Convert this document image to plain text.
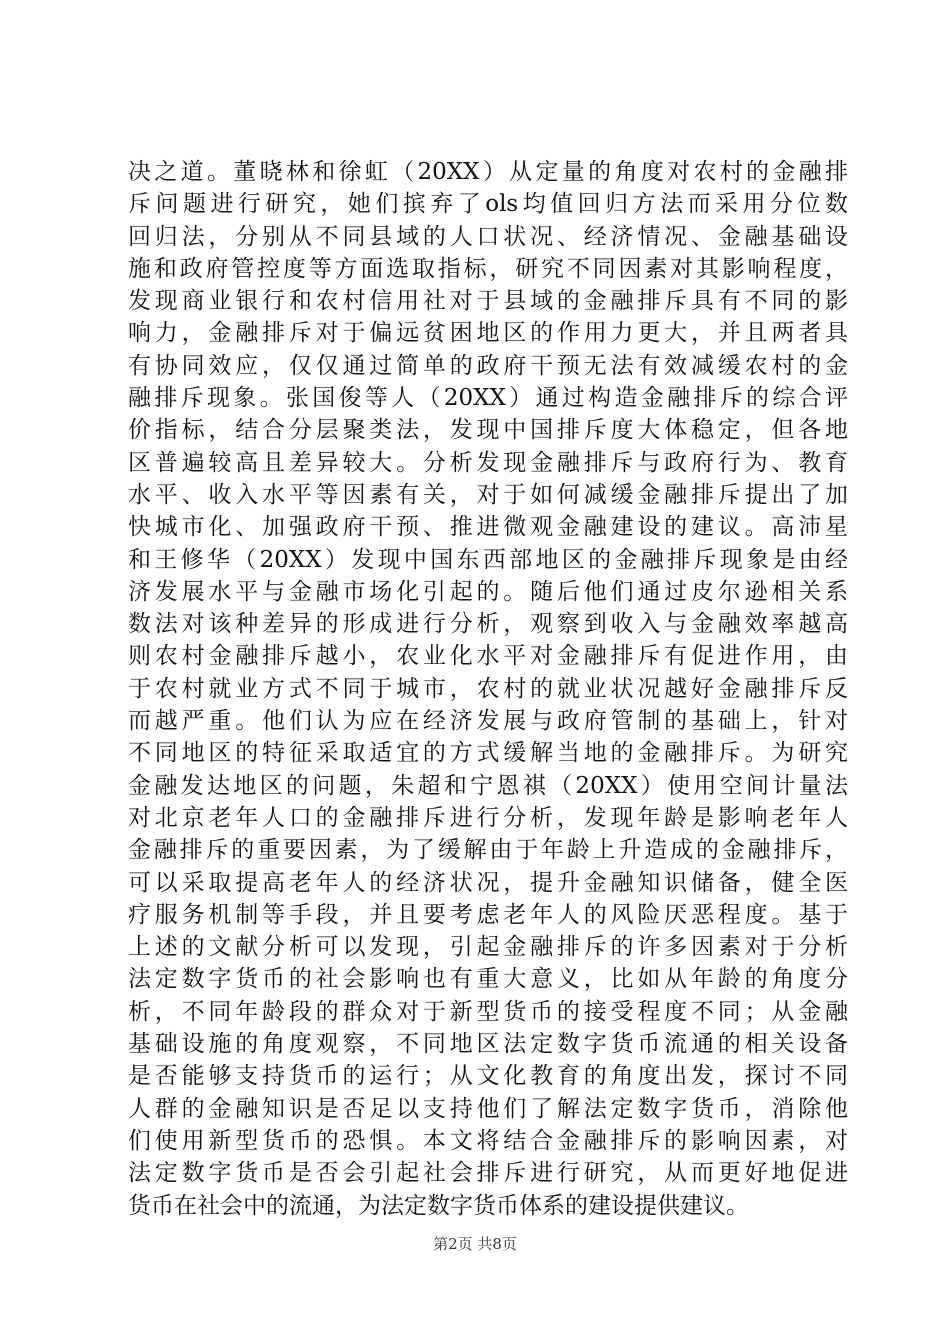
决之道。董晓林和徐虹（20XX）从定量的角度对农村的金融排
斥问题进行研究，她们摈弃了ols均值回归方法而采用分位数
回归法，分别从不同县域的人口状况、经济情况、金融基础设
施和政府管控度等方面选取指标，研究不同因素对其影响程度，
发现商业银行和农村信用社对于县域的金融排斥具有不同的影
响力，金融排斥对于偏远贫困地区的作用力更大，并且两者具
有协同效应，仅仅通过简单的政府干预无法有效减缓农村的金
融排斥现象。张国俊等人（20XX）通过构造金融排斥的综合评
价指标，结合分层聚类法，发现中国排斥度大体稳定，但各地
区普遍较高且差异较大。分析发现金融排斥与政府行为、教育
水平、收入水平等因素有关，对于如何减缓金融排斥提出了加
快城市化、加强政府干预、推进微观金融建设的建议。高沛星
和王修华（20XX）发现中国东西部地区的金融排斥现象是由经
济发展水平与金融市场化引起的。随后他们通过皮尔逊相关系
数法对该种差异的形成进行分析，观察到收入与金融效率越高
则农村金融排斥越小，农业化水平对金融排斥有促进作用，由
于农村就业方式不同于城市，农村的就业状况越好金融排斥反
而越严重。他们认为应在经济发展与政府管制的基础上，针对
不同地区的特征采取适宜的方式缓解当地的金融排斥。为研究
金融发达地区的问题，朱超和宁恩祺（20XX）使用空间计量法
对北京老年人口的金融排斥进行分析，发现年龄是影响老年人
金融排斥的重要因素，为了缓解由于年龄上升造成的金融排斥，
可以采取提高老年人的经济状况，提升金融知识储备，健全医
疗服务机制等手段，并且要考虑老年人的风险厌恶程度。基于
上述的文献分析可以发现，引起金融排斥的许多因素对于分析
法定数字货币的社会影响也有重大意义，比如从年龄的角度分
析，不同年龄段的群众对于新型货币的接受程度不同；从金融
基础设施的角度观察，不同地区法定数字货币流通的相关设备
是否能够支持货币的运行；从文化教育的角度出发，探讨不同
人群的金融知识是否足以支持他们了解法定数字货币，消除他
们使用新型货币的恐惧。本文将结合金融排斥的影响因素，对
法定数字货币是否会引起社会排斥进行研究，从而更好地促进
货币在社会中的流通，为法定数字货币体系的建设提供建议。
第2页 共8页
